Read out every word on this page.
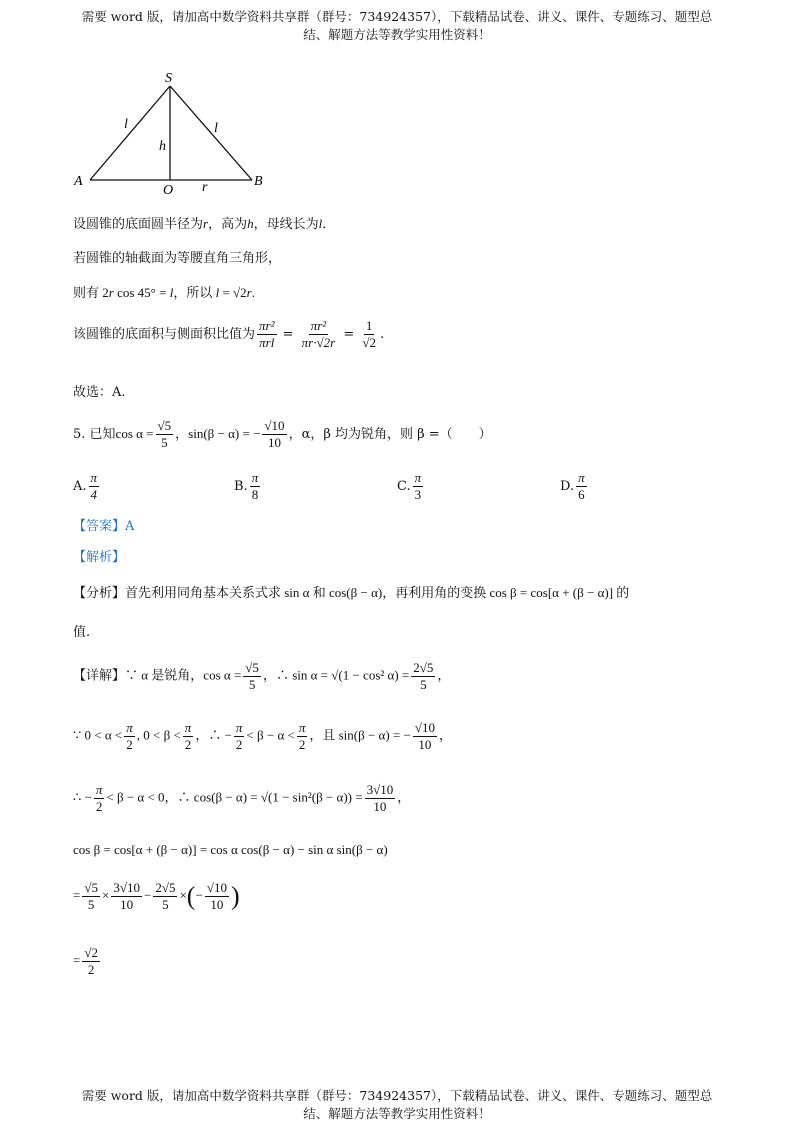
需要 word 版，请加高中数学资料共享群（群号：734924357），下载精品试卷、讲义、课件、专题练习、题型总
结、解题方法等教学实用性资料！
S
A
O
B
l	l
h
r
设圆锥的底面圆半径为r，高为h，母线长为l．
若圆锥的轴截面为等腰直角三角形，
则有 2r cos 45° = l，所以 l = √2r.
该圆锥的底面积与侧面积比值为 $\frac{\text{πr²}}{\text{πrl}} = \frac{\text{πr²}}{\pi r\cdot√2r} = \frac{1}{√2}$ .
故选：A.
5. 已知$\cos \alpha = \frac{√5}{5}$ ，sin(β − α) = − $\frac{√10}{10}$ ，α，β 均为锐角，则 β =（　　）
A. $\frac{\pi}{4}$	B. $\frac{\pi}{8}$	C. $\frac{\pi}{3}$	D. $\frac{\pi}{6}$
【答案】A
【解析】
【分析】首先利用同角基本关系式求 sin α 和 cos(β − α)，再利用角的变换 cos β = cos[α + (β − α)] 的
值.
【详解】∵ α 是锐角，$\cos \alpha = \frac{√5}{5}$ ，∴ sin α = √(1 − cos² $\alpha) = \frac{2√5}{5}$ ，
∵ $0 < \alpha < \frac{\pi}{2}$ , $0 < \beta < \frac{\pi}{2}$ ，∴ − $\frac{\pi}{2} < \beta - \alpha < \frac{\pi}{2}$ ，且 sin(β − α) = − $\frac{√10}{10}$ ，
∴ − $\frac{\pi}{2} < \beta - \alpha < 0$，∴ $\cos(\beta - \alpha) = √(1 - \sin^2(\beta - \alpha)) = \frac{3√10}{10}$ ，
cos β = cos[α + (β − α)] = cos α cos(β − α) − sin α sin(β − α)
= $\frac{√5}{5} \times \frac{3√10}{10} - \frac{2√5}{5}$ ×(− $\frac{√10}{10}$ )
= $\frac{√2}{2}$
需要 word 版，请加高中数学资料共享群（群号：734924357），下载精品试卷、讲义、课件、专题练习、题型总
结、解题方法等教学实用性资料！
